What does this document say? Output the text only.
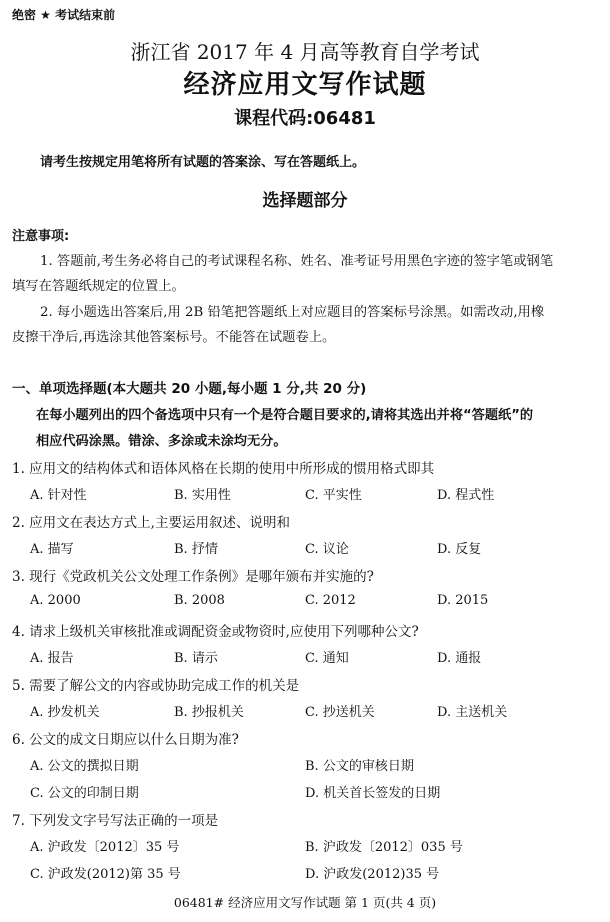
绝密 ★ 考试结束前
浙江省 2017 年 4 月高等教育自学考试
经济应用文写作试题
课程代码:06481
请考生按规定用笔将所有试题的答案涂、写在答题纸上。
选择题部分
注意事项:
1. 答题前,考生务必将自己的考试课程名称、姓名、准考证号用黑色字迹的签字笔或钢笔
填写在答题纸规定的位置上。
2. 每小题选出答案后,用 2B 铅笔把答题纸上对应题目的答案标号涂黑。如需改动,用橡
皮擦干净后,再选涂其他答案标号。不能答在试题卷上。
一、单项选择题(本大题共 20 小题,每小题 1 分,共 20 分)
在每小题列出的四个备选项中只有一个是符合题目要求的,请将其选出并将“答题纸”的
相应代码涂黑。错涂、多涂或未涂均无分。
1. 应用文的结构体式和语体风格在长期的使用中所形成的惯用格式即其
A. 针对性	B. 实用性	C. 平实性	D. 程式性
2. 应用文在表达方式上,主要运用叙述、说明和
A. 描写	B. 抒情	C. 议论	D. 反复
3. 现行《党政机关公文处理工作条例》是哪年颁布并实施的?
A. 2000	B. 2008	C. 2012	D. 2015
4. 请求上级机关审核批准或调配资金或物资时,应使用下列哪种公文?
A. 报告	B. 请示	C. 通知	D. 通报
5. 需要了解公文的内容或协助完成工作的机关是
A. 抄发机关	B. 抄报机关	C. 抄送机关	D. 主送机关
6. 公文的成文日期应以什么日期为准?
A. 公文的撰拟日期	B. 公文的审核日期
C. 公文的印制日期	D. 机关首长签发的日期
7. 下列发文字号写法正确的一项是
A. 沪政发〔2012〕35 号	B. 沪政发〔2012〕035 号
C. 沪政发(2012)第 35 号	D. 沪政发(2012)35 号
06481# 经济应用文写作试题 第 1 页(共 4 页)
